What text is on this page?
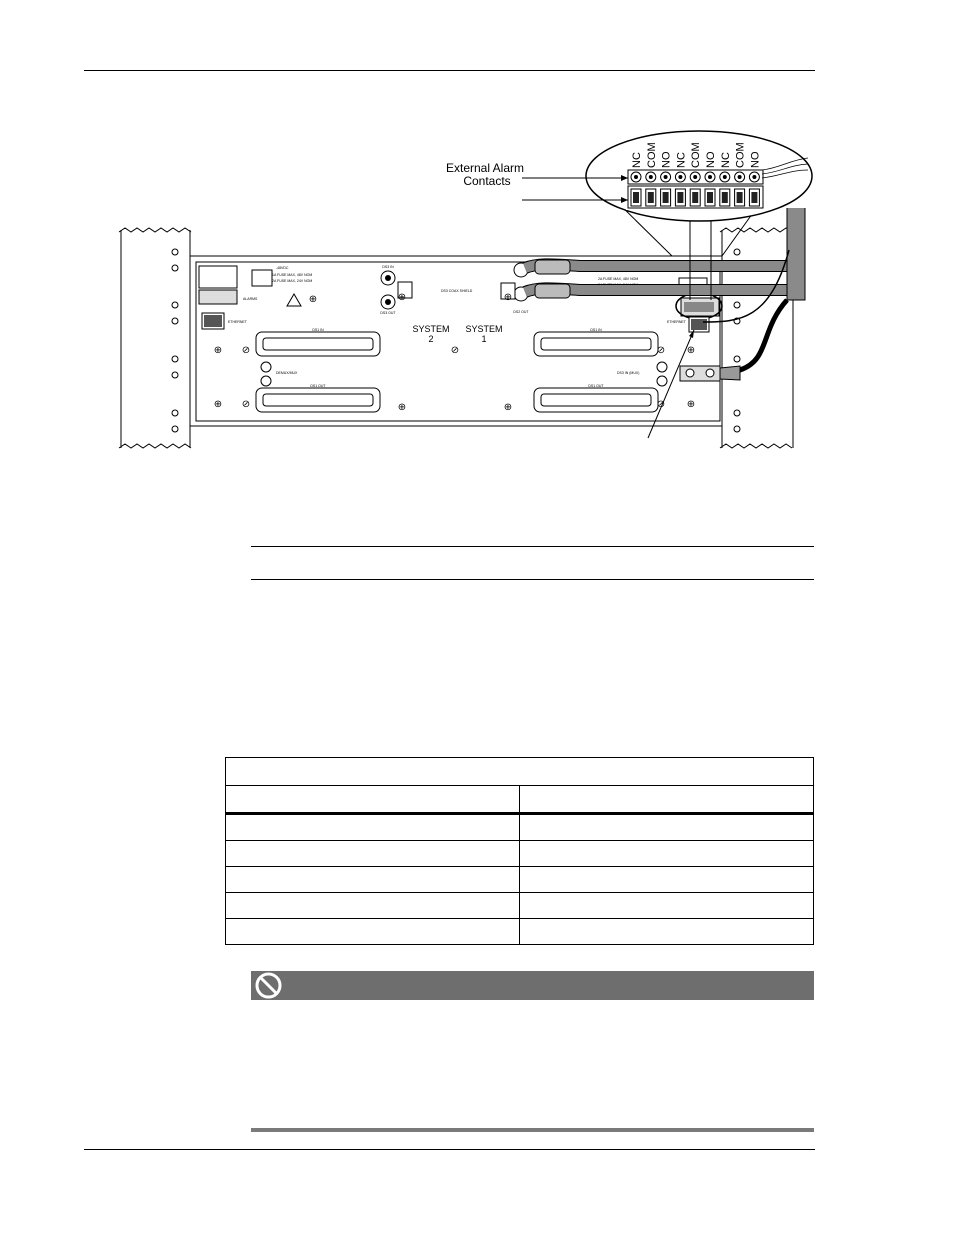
⊕
⊕
⊕
⊕
⊕	⊕
⊕
⊕
⊕
⊘
⊘
⊘
⊘
⊘
SYSTEM
2
SYSTEM
1
DS1 IN
DS1 OUT
DS1 IN
DS1 OUT
DS3 IN
DS3 OUT	DS2 OUT
ALARMS
ETHERNET	ETHERNET
ALARM
DS3 COAX SHIELD
-48VDC
1A FUSE MAX, 48V NOM
2A FUSE MAX, 24V NOM	2A FUSE MAX, 48V NOM
2A FUSE MAX, 24V NOM
DEMUX/MUX	DS3 IN (MUX)
NC COM NO NC COM NO NC COM NO
External Alarm
Contacts
